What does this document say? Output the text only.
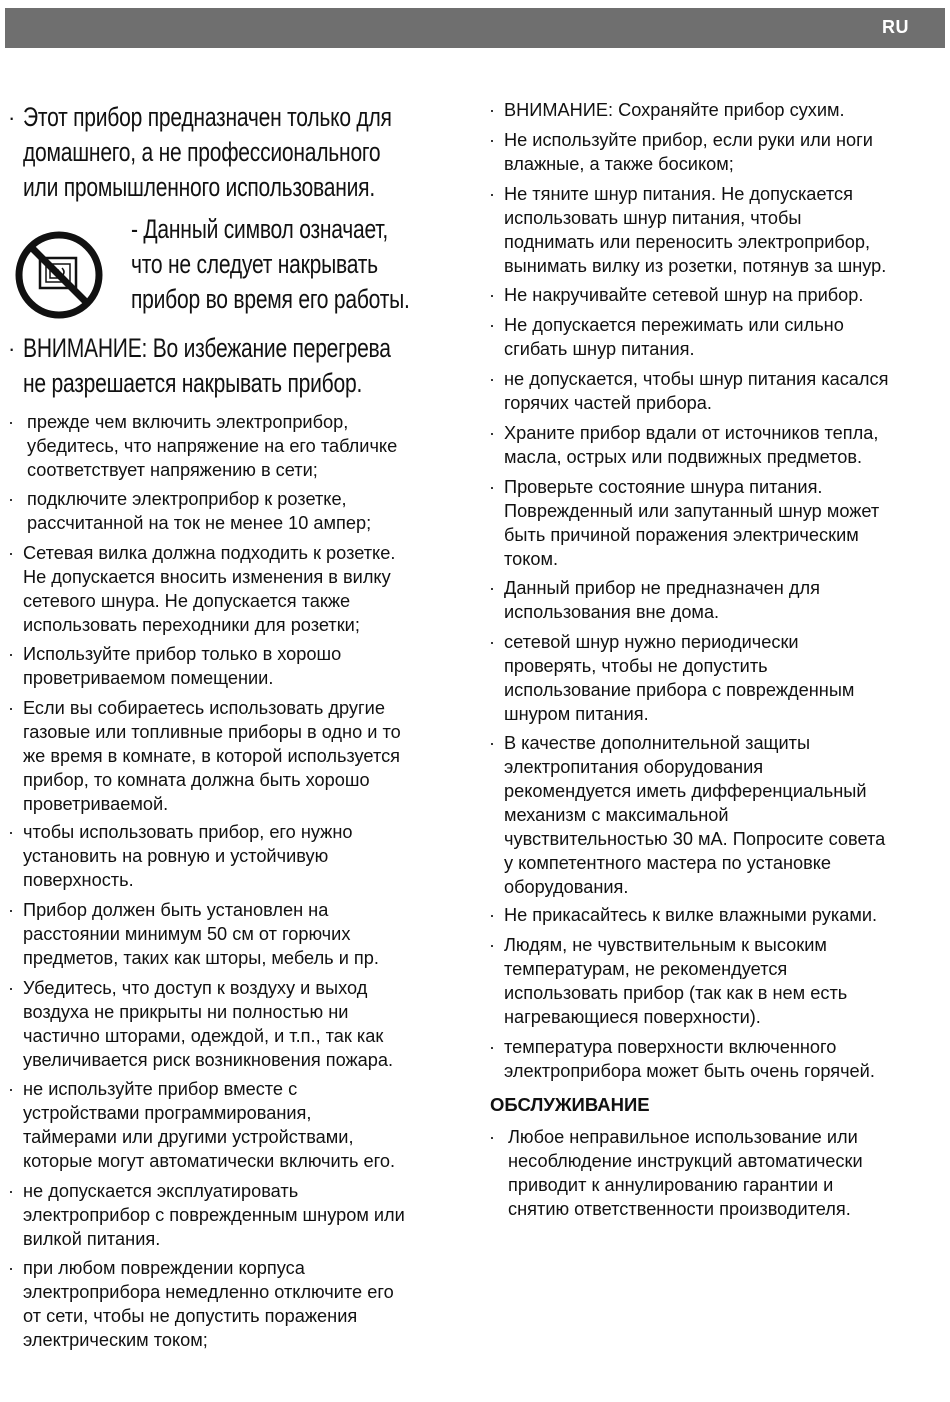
RU
· Этот прибор предназначен только для
домашнего, а не профессионального
или промышленного использования.
- Данный символ означает,
что не следует накрывать
прибор во время его работы.
· ВНИМАНИЕ: Во избежание перегрева
не разрешается накрывать прибор.
· прежде чем включить электроприбор,
убедитесь, что напряжение на его табличке
соответствует напряжению в сети;
· подключите электроприбор к розетке,
рассчитанной на ток не менее 10 ампер;
· Сетевая вилка должна подходить к розетке.
Не допускается вносить изменения в вилку
сетевого шнура. Не допускается также
использовать переходники для розетки;
· Используйте прибор только в хорошо
проветриваемом помещении.
· Если вы собираетесь использовать другие
газовые или топливные приборы в одно и то
же время в комнате, в которой используется
прибор, то комната должна быть хорошо
проветриваемой.
· чтобы использовать прибор, его нужно
установить на ровную и устойчивую
поверхность.
· Прибор должен быть установлен на
расстоянии минимум 50 см от горючих
предметов, таких как шторы, мебель и пр.
· Убедитесь, что доступ к воздуху и выход
воздуха не прикрыты ни полностью ни
частично шторами, одеждой, и т.п., так как
увеличивается риск возникновения пожара.
· не используйте прибор вместе с
устройствами программирования,
таймерами или другими устройствами,
которые могут автоматически включить его.
· не допускается эксплуатировать
электроприбор с поврежденным шнуром или
вилкой питания.
· при любом повреждении корпуса
электроприбора немедленно отключите его
от сети, чтобы не допустить поражения
электрическим током;
· ВНИМАНИЕ: Сохраняйте прибор сухим.
· Не используйте прибор, если руки или ноги
влажные, а также босиком;
· Не тяните шнур питания. Не допускается
использовать шнур питания, чтобы
поднимать или переносить электроприбор,
вынимать вилку из розетки, потянув за шнур.
· Не накручивайте сетевой шнур на прибор.
· Не допускается пережимать или сильно
сгибать шнур питания.
· не допускается, чтобы шнур питания касался
горячих частей прибора.
· Храните прибор вдали от источников тепла,
масла, острых или подвижных предметов.
· Проверьте состояние шнура питания.
Поврежденный или запутанный шнур может
быть причиной поражения электрическим
током.
· Данный прибор не предназначен для
использования вне дома.
· сетевой шнур нужно периодически
проверять, чтобы не допустить
использование прибора с поврежденным
шнуром питания.
· В качестве дополнительной защиты
электропитания оборудования
рекомендуется иметь дифференциальный
механизм с максимальной
чувствительностью 30 мА. Попросите совета
у компетентного мастера по установке
оборудования.
· Не прикасайтесь к вилке влажными руками.
· Людям, не чувствительным к высоким
температурам, не рекомендуется
использовать прибор (так как в нем есть
нагревающиеся поверхности).
· температура поверхности включенного
электроприбора может быть очень горячей.
ОБСЛУЖИВАНИЕ
· Любое неправильное использование или
несоблюдение инструкций автоматически
приводит к аннулированию гарантии и
снятию ответственности производителя.
